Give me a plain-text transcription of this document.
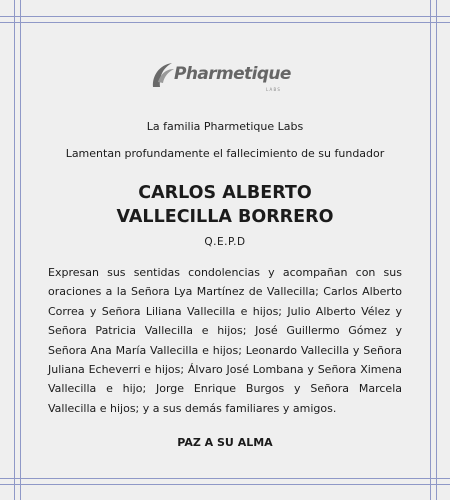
Pharmetique
LABS
La familia Pharmetique Labs
Lamentan profundamente el fallecimiento de su fundador
CARLOS ALBERTO
VALLECILLA BORRERO
Q.E.P.D
Expresan sus sentidas condolencias y acompañan con sus oraciones a la Señora Lya Martínez de Vallecilla; Carlos Alberto Correa y Señora Liliana Vallecilla e hijos; Julio Alberto Vélez y Señora Patricia Vallecilla e hijos; José Guillermo Gómez y Señora Ana María Vallecilla e hijos; Leonardo Vallecilla y Señora Juliana Echeverri e hijos; Álvaro José Lombana y Señora Ximena Vallecilla e hijo; Jorge Enrique Burgos y Señora Marcela Vallecilla e hijos; y a sus demás familiares y amigos.
PAZ A SU ALMA
